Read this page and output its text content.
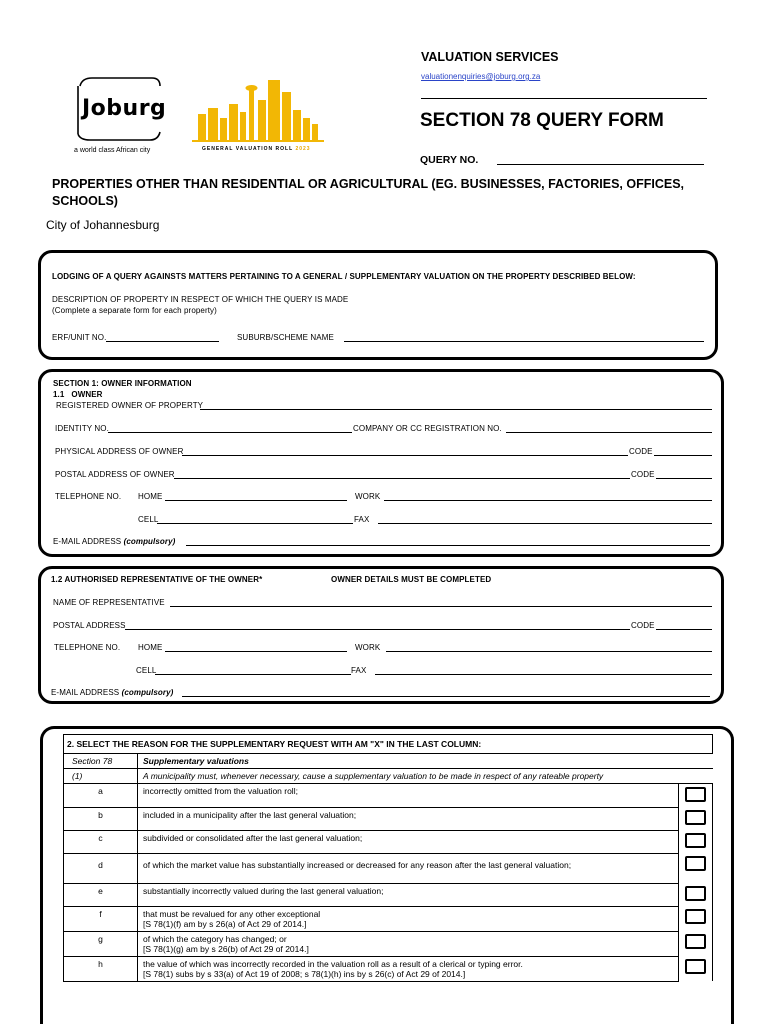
Joburg
a world class African city	GENERAL VALUATION ROLL 2023
VALUATION SERVICES
valuationenquiries@joburg.org.za
SECTION 78 QUERY FORM
QUERY NO.
PROPERTIES OTHER THAN RESIDENTIAL OR AGRICULTURAL (EG. BUSINESSES, FACTORIES, OFFICES, SCHOOLS)
City of Johannesburg
LODGING OF A QUERY AGAINSTS MATTERS PERTAINING TO A GENERAL / SUPPLEMENTARY VALUATION ON THE PROPERTY DESCRIBED BELOW:
DESCRIPTION OF PROPERTY IN RESPECT OF WHICH THE QUERY IS MADE
(Complete a separate form for each property)
ERF/UNIT NO.	SUBURB/SCHEME NAME
SECTION 1: OWNER INFORMATION
1.1   OWNER
REGISTERED OWNER OF PROPERTY
IDENTITY NO.	COMPANY OR CC REGISTRATION NO.
PHYSICAL ADDRESS OF OWNER	CODE
POSTAL ADDRESS OF OWNER	CODE
TELEPHONE NO. HOME	WORK
CELL	FAX
E-MAIL ADDRESS (compulsory)
1.2 AUTHORISED REPRESENTATIVE OF THE OWNER*	OWNER DETAILS MUST BE COMPLETED
NAME OF REPRESENTATIVE
POSTAL ADDRESS	CODE
TELEPHONE NO. HOME	WORK
CELL	FAX
E-MAIL ADDRESS (compulsory)
2. SELECT THE REASON FOR THE SUPPLEMENTARY REQUEST WITH AM "X" IN THE LAST COLUMN:		
Section 78	Supplementary valuations	
(1)	A municipality must, whenever necessary, cause a supplementary valuation to be made in respect of any rateable property	
a	incorrectly omitted from the valuation roll;	
b	included in a municipality after the last general valuation;	
c	subdivided or consolidated after the last general valuation;	
d	of which the market value has substantially increased or decreased for any reason after the last general valuation;	
e	substantially incorrectly valued during the last general valuation;	
f	that must be revalued for any other exceptional
[S 78(1)(f) am by s 26(a) of Act 29 of 2014.]	

g	of which the category has changed; or
[S 78(1)(g) am by s 26(b) of Act 29 of 2014.]	

h	the value of which was incorrectly recorded in the valuation roll as a result of a clerical or typing error.
[S 78(1) subs by s 33(a) of Act 19 of 2008; s 78(1)(h) ins by s 26(c) of Act 29 of 2014.]	
